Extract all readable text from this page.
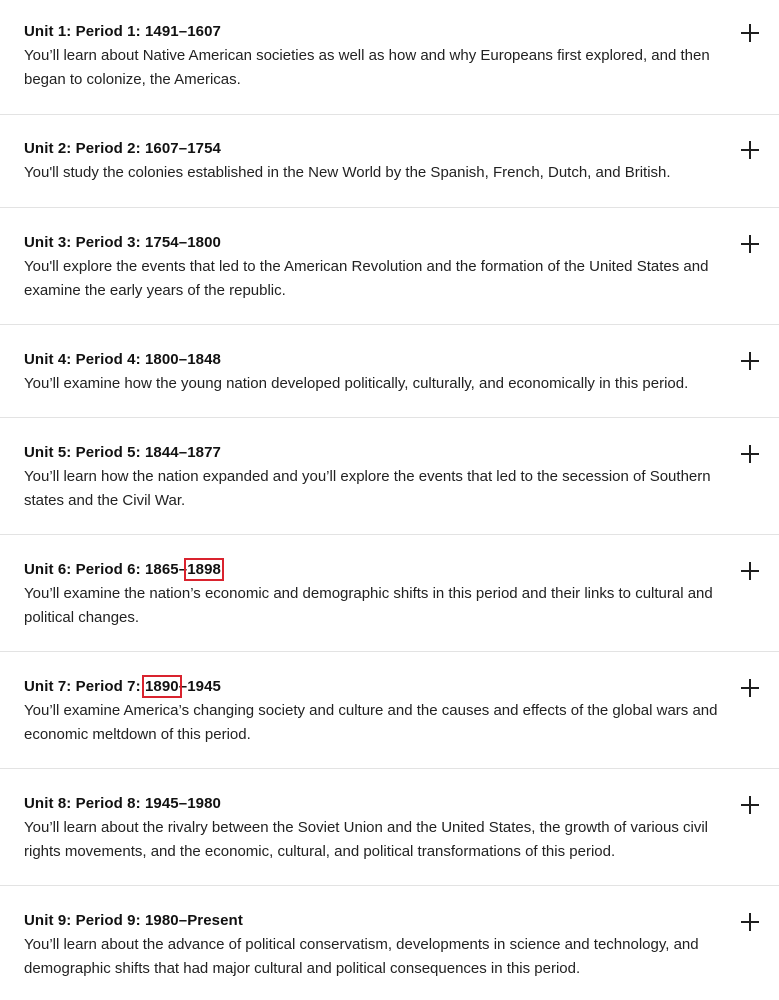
Unit 1: Period 1: 1491–1607
You’ll learn about Native American societies as well as how and why Europeans first explored, and then began to colonize, the Americas.
Unit 2: Period 2: 1607–1754
You'll study the colonies established in the New World by the Spanish, French, Dutch, and British.
Unit 3: Period 3: 1754–1800
You'll explore the events that led to the American Revolution and the formation of the United States and examine the early years of the republic.
Unit 4: Period 4: 1800–1848
You’ll examine how the young nation developed politically, culturally, and economically in this period.
Unit 5: Period 5: 1844–1877
You’ll learn how the nation expanded and you’ll explore the events that led to the secession of Southern states and the Civil War.
Unit 6: Period 6: 1865–1898
You’ll examine the nation’s economic and demographic shifts in this period and their links to cultural and political changes.
Unit 7: Period 7: 1890–1945
You’ll examine America’s changing society and culture and the causes and effects of the global wars and economic meltdown of this period.
Unit 8: Period 8: 1945–1980
You’ll learn about the rivalry between the Soviet Union and the United States, the growth of various civil rights movements, and the economic, cultural, and political transformations of this period.
Unit 9: Period 9: 1980–Present
You’ll learn about the advance of political conservatism, developments in science and technology, and demographic shifts that had major cultural and political consequences in this period.
